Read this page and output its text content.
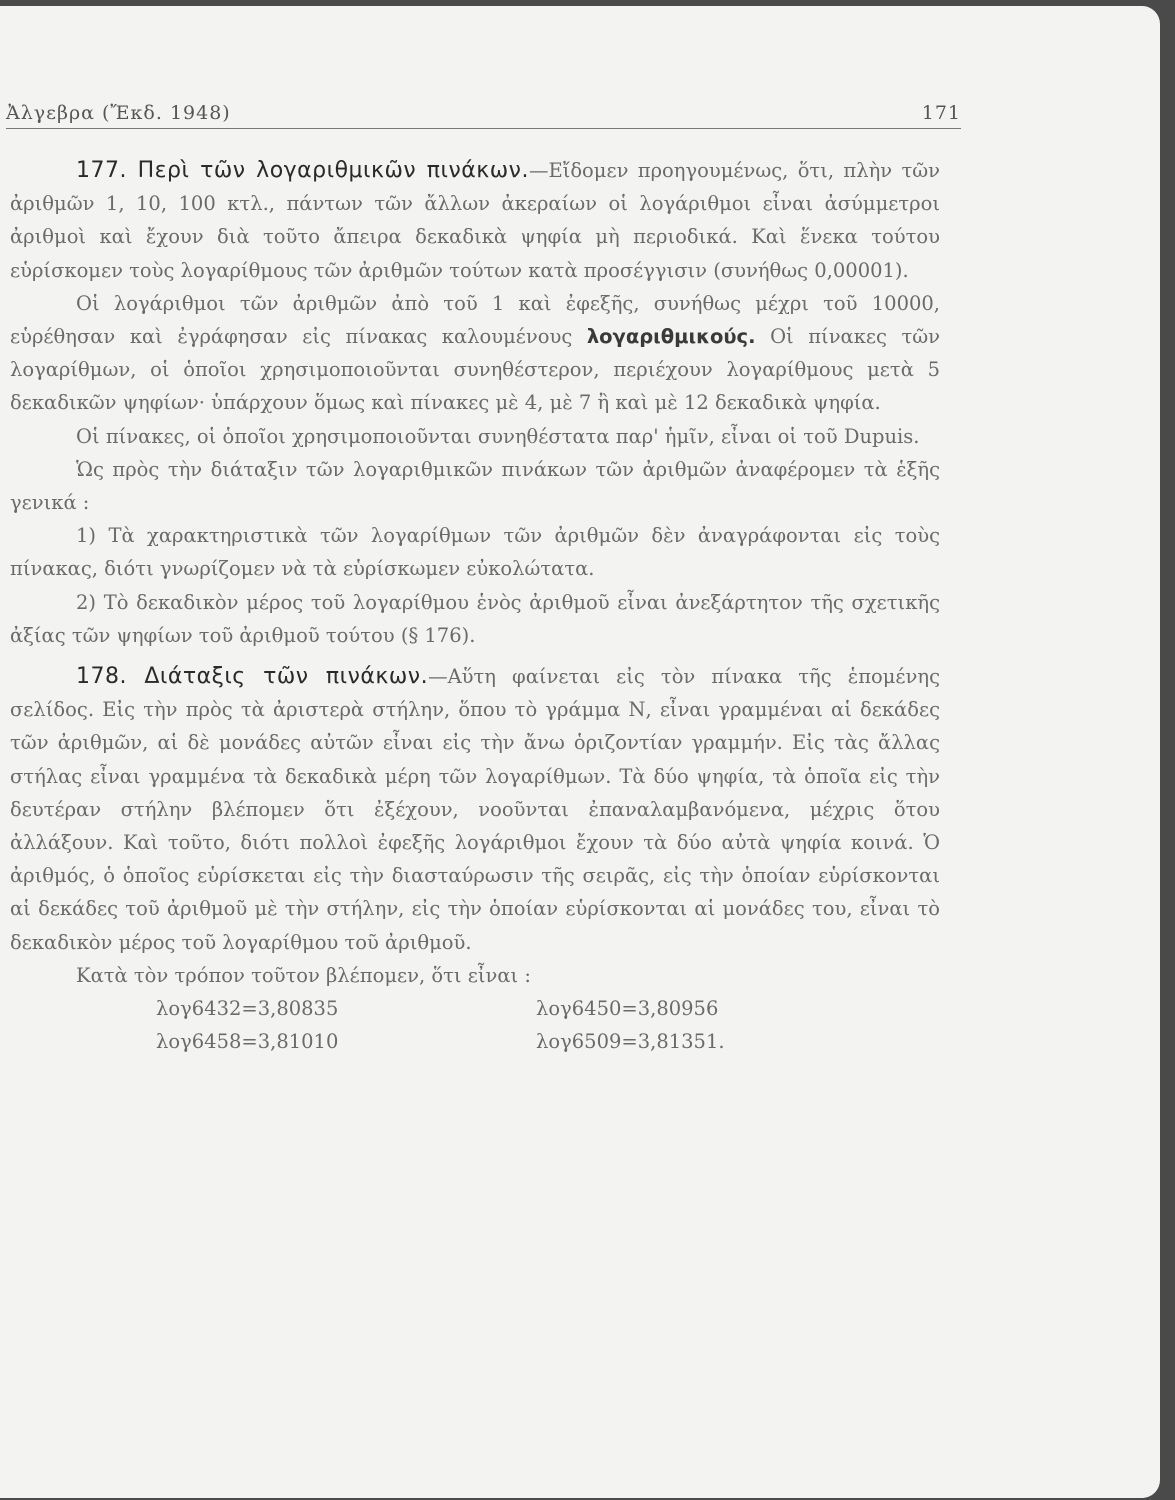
Ἀλγεβρα (Ἔκδ. 1948)	171

177. Περὶ τῶν λογαριθμικῶν πινάκων.—Εἴδομεν προηγουμένως, ὅτι, πλὴν τῶν ἀριθμῶν 1, 10, 100 κτλ., πάντων τῶν ἄλλων ἀκεραίων οἱ λογάριθμοι εἶναι ἀσύμμετροι ἀριθμοὶ καὶ ἔχουν διὰ τοῦτο ἄπειρα δεκαδικὰ ψηφία μὴ περιοδικά. Καὶ ἕνεκα τούτου εὑρίσκομεν τοὺς λογαρίθμους τῶν ἀριθμῶν τούτων κατὰ προσέγγισιν (συνήθως 0,00001).

Οἱ λογάριθμοι τῶν ἀριθμῶν ἀπὸ τοῦ 1 καὶ ἐφεξῆς, συνήθως μέχρι τοῦ 10000, εὑρέθησαν καὶ ἐγράφησαν εἰς πίνακας καλουμένους λογαριθμικούς. Οἱ πίνακες τῶν λογαρίθμων, οἱ ὁποῖοι χρησιμοποιοῦνται συνηθέστερον, περιέχουν λογαρίθμους μετὰ 5 δεκαδικῶν ψηφίων· ὑπάρχουν ὅμως καὶ πίνακες μὲ 4, μὲ 7 ἢ καὶ μὲ 12 δεκαδικὰ ψηφία.

Οἱ πίνακες, οἱ ὁποῖοι χρησιμοποιοῦνται συνηθέστατα παρ' ἡμῖν, εἶναι οἱ τοῦ Dupuis.

Ὡς πρὸς τὴν διάταξιν τῶν λογαριθμικῶν πινάκων τῶν ἀριθμῶν ἀναφέρομεν τὰ ἑξῆς γενικά :

1) Τὰ χαρακτηριστικὰ τῶν λογαρίθμων τῶν ἀριθμῶν δὲν ἀναγράφονται εἰς τοὺς πίνακας, διότι γνωρίζομεν νὰ τὰ εὑρίσκωμεν εὐκολώτατα.

2) Τὸ δεκαδικὸν μέρος τοῦ λογαρίθμου ἑνὸς ἀριθμοῦ εἶναι ἀνεξάρτητον τῆς σχετικῆς ἀξίας τῶν ψηφίων τοῦ ἀριθμοῦ τούτου (§ 176).

178. Διάταξις τῶν πινάκων.—Αὕτη φαίνεται εἰς τὸν πίνακα τῆς ἑπομένης σελίδος. Εἰς τὴν πρὸς τὰ ἀριστερὰ στήλην, ὅπου τὸ γράμμα Ν, εἶναι γραμμέναι αἱ δεκάδες τῶν ἀριθμῶν, αἱ δὲ μονάδες αὐτῶν εἶναι εἰς τὴν ἄνω ὁριζοντίαν γραμμήν. Εἰς τὰς ἄλλας στήλας εἶναι γραμμένα τὰ δεκαδικὰ μέρη τῶν λογαρίθμων. Τὰ δύο ψηφία, τὰ ὁποῖα εἰς τὴν δευτέραν στήλην βλέπομεν ὅτι ἐξέχουν, νοοῦνται ἐπαναλαμβανόμενα, μέχρις ὅτου ἀλλάξουν. Καὶ τοῦτο, διότι πολλοὶ ἐφεξῆς λογάριθμοι ἔχουν τὰ δύο αὐτὰ ψηφία κοινά. Ὁ ἀριθμός, ὁ ὁποῖος εὑρίσκεται εἰς τὴν διασταύρωσιν τῆς σειρᾶς, εἰς τὴν ὁποίαν εὑρίσκονται αἱ δεκάδες τοῦ ἀριθμοῦ μὲ τὴν στήλην, εἰς τὴν ὁποίαν εὑρίσκονται αἱ μονάδες του, εἶναι τὸ δεκαδικὸν μέρος τοῦ λογαρίθμου τοῦ ἀριθμοῦ.

Κατὰ τὸν τρόπον τοῦτον βλέπομεν, ὅτι εἶναι :

λογ6432=3,80835	λογ6450=3,80956
λογ6458=3,81010	λογ6509=3,81351.
